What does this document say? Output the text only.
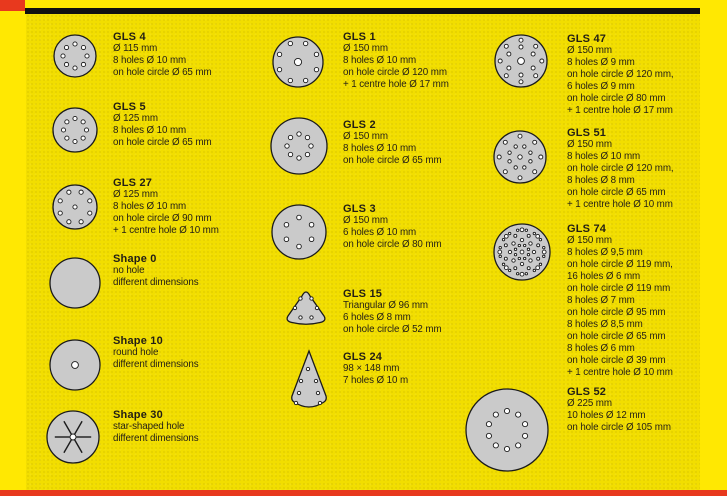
GLS 4
Ø 115 mm
8 holes Ø 10 mm
on hole circle Ø 65 mm
GLS 5
Ø 125 mm
8 holes Ø 10 mm
on hole circle Ø 65 mm
GLS 27
Ø 125 mm
8 holes Ø 10 mm
on hole circle Ø 90 mm
+ 1 centre hole Ø 10 mm
Shape 0
no hole
different dimensions
Shape 10
round hole
different dimensions
Shape 30
star-shaped hole
different dimensions
GLS 1
Ø 150 mm
8 holes Ø 10 mm
on hole circle Ø 120 mm
+ 1 centre hole Ø 17 mm
GLS 2
Ø 150 mm
8 holes Ø 10 mm
on hole circle Ø 65 mm
GLS 3
Ø 150 mm
6 holes Ø 10 mm
on hole circle Ø 80 mm
GLS 15
Triangular Ø 96 mm
6 holes Ø 8 mm
on hole circle Ø 52 mm
GLS 24
98 × 148 mm
7 holes Ø 10 m
GLS 47
Ø 150 mm
8 holes Ø 9 mm
on hole circle Ø 120 mm,
6 holes Ø 9 mm
on hole circle Ø 80 mm
+ 1 centre hole Ø 17 mm
GLS 51
Ø 150 mm
8 holes Ø 10 mm
on hole circle Ø 120 mm,
8 holes Ø 8 mm
on hole circle Ø 65 mm
+ 1 centre hole Ø 10 mm
GLS 74
Ø 150 mm
8 holes Ø 9,5 mm
on hole circle Ø 119 mm,
16 holes Ø 6 mm
on hole circle Ø 119 mm
8 holes Ø 7 mm
on hole circle Ø 95 mm
8 holes Ø 8,5 mm
on hole circle Ø 65 mm
8 holes Ø 6 mm
on hole circle Ø 39 mm
+ 1 centre hole Ø 10 mm
GLS 52
Ø 225 mm
10 holes Ø 12 mm
on hole circle Ø 105 mm
